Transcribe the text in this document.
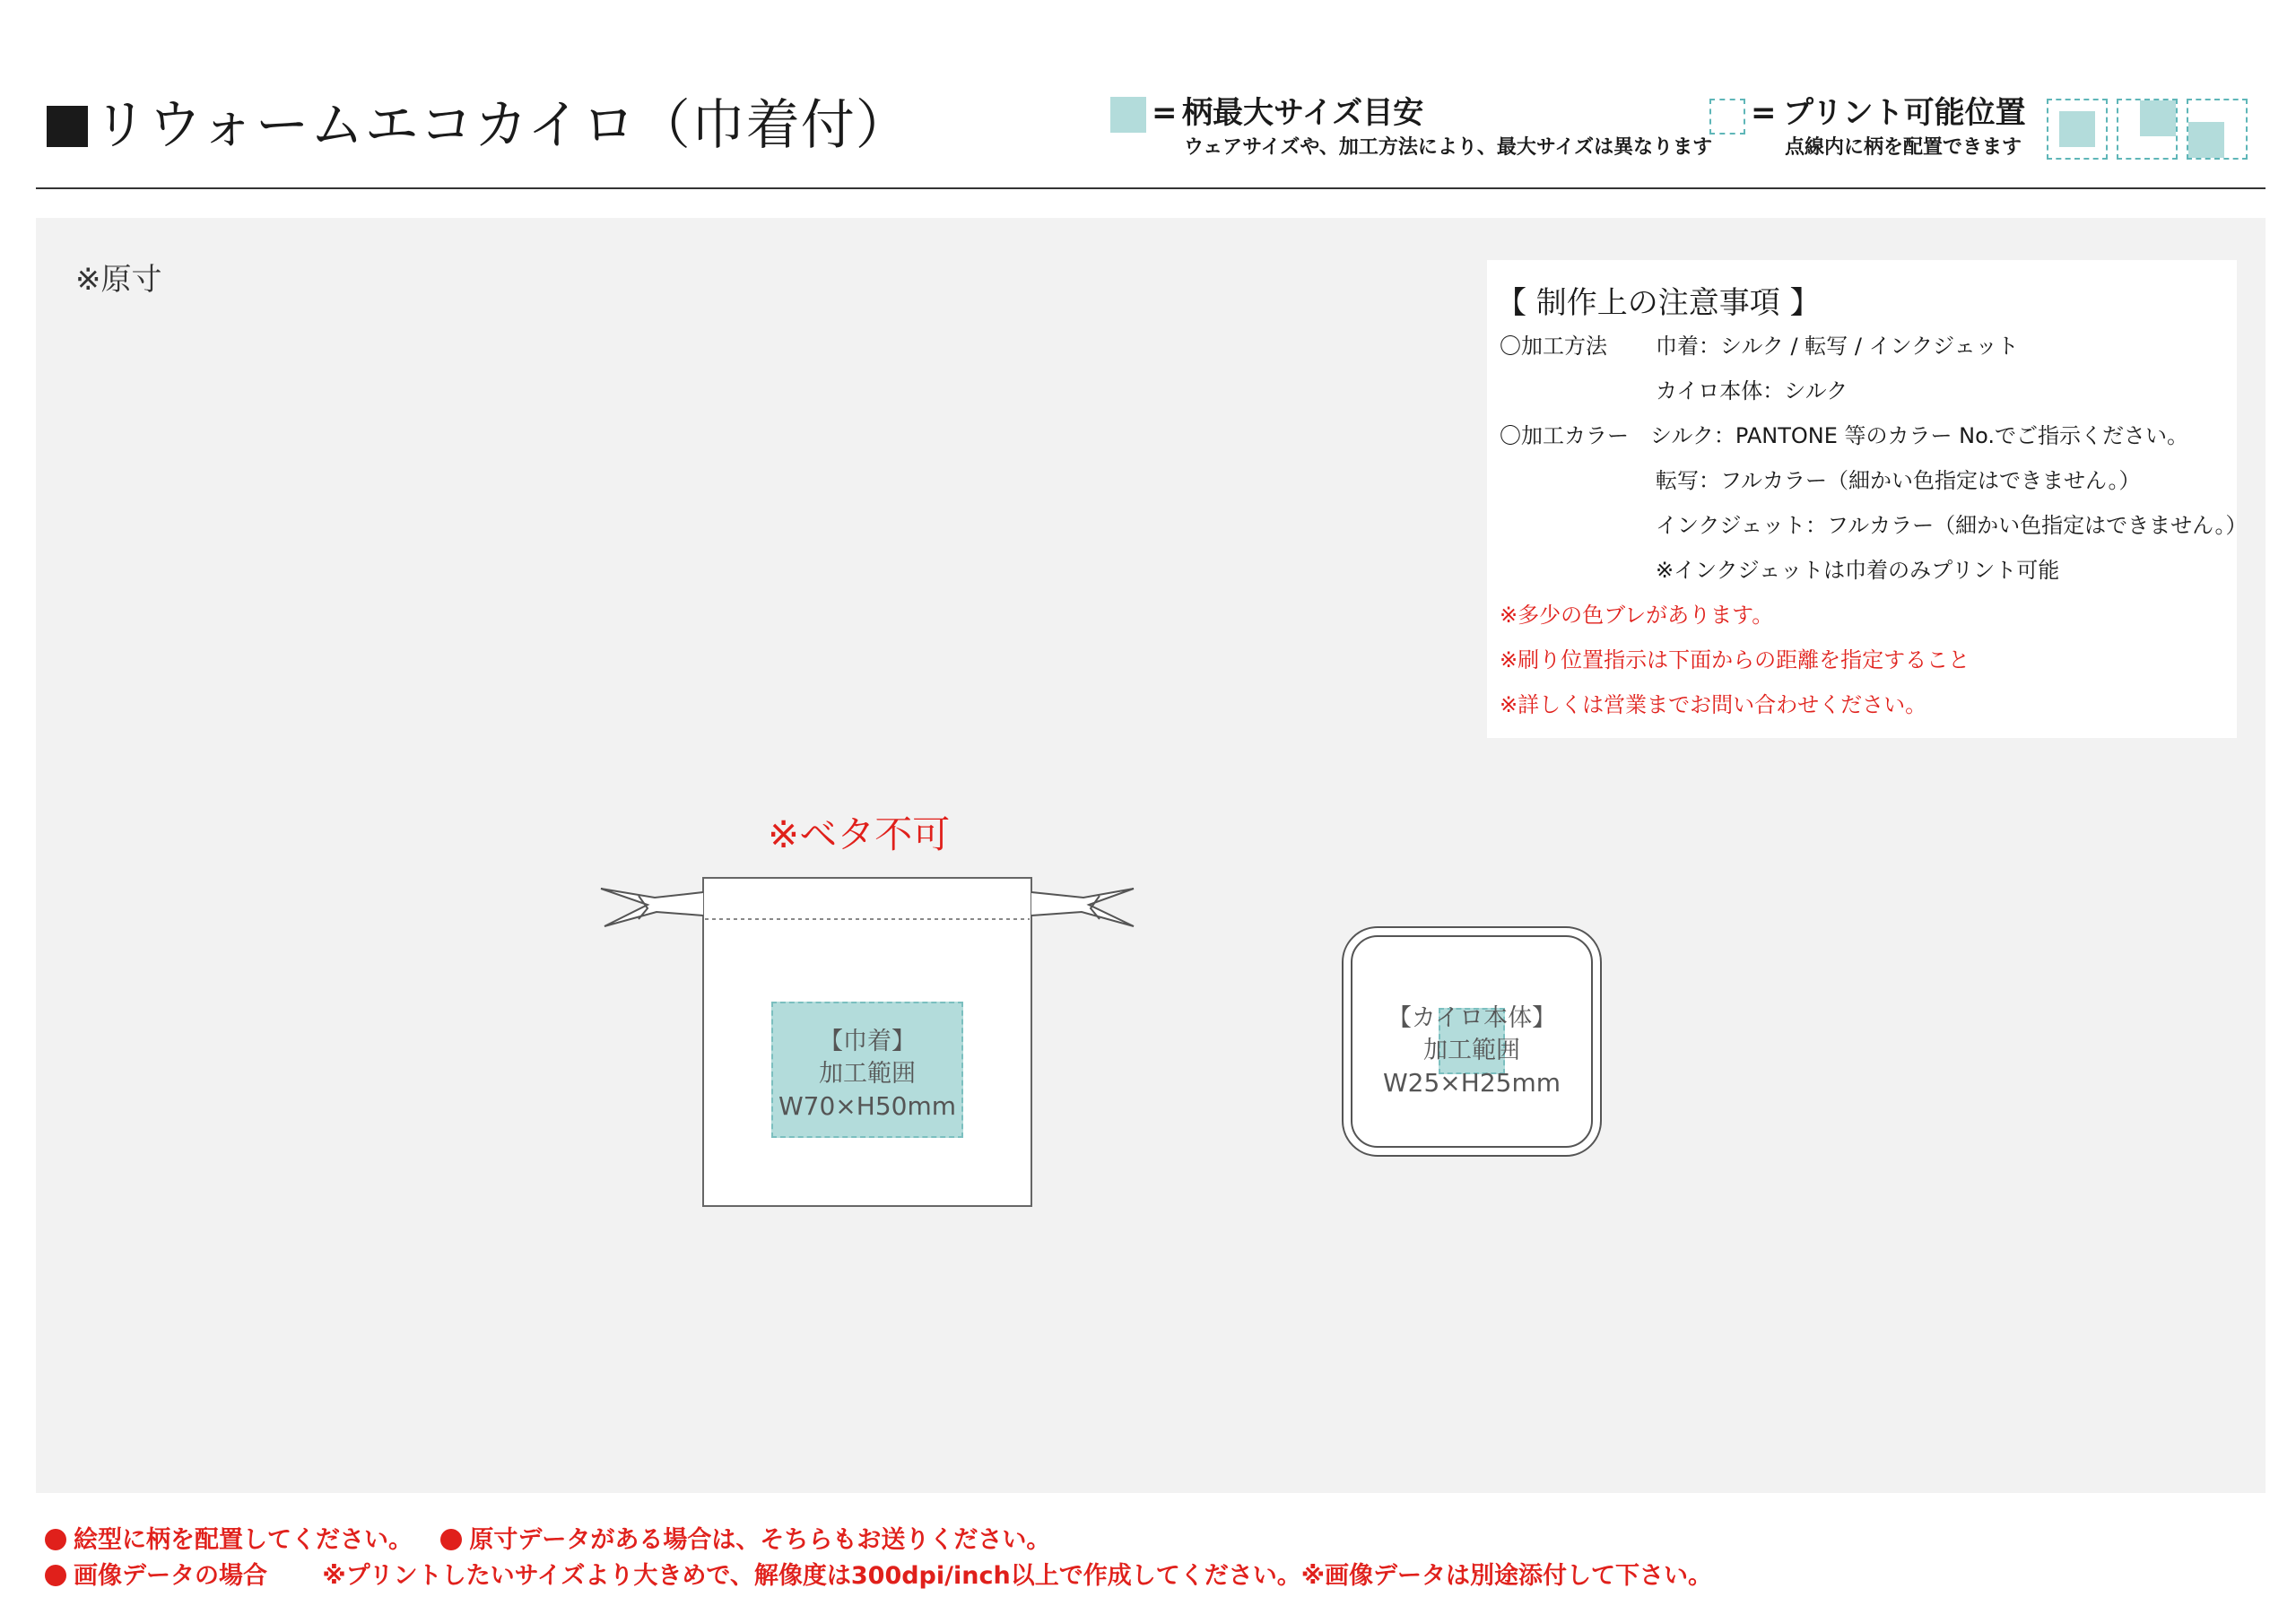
リウォームエコカイロ（巾着付）	= 柄最大サイズ目安
ウェアサイズや、加工方法により、最大サイズは異なります
= プリント可能位置
点線内に柄を配置できます
※原寸
【 制作上の注意事項 】
〇加工方法 巾着：シルク / 転写 / インクジェット
カイロ本体：シルク
〇加工カラー シルク：PANTONE 等のカラー No.でご指示ください。
転写：フルカラー（細かい色指定はできません。）
インクジェット：フルカラー（細かい色指定はできません。）
※インクジェットは巾着のみプリント可能
※多少の色ブレがあります。
※刷り位置指示は下面からの距離を指定すること
※詳しくは営業までお問い合わせください。
※ベタ不可
【巾着】
加工範囲
W70×H50mm
【カイロ本体】
加工範囲
W25×H25mm
絵型に柄を配置してください。 原寸データがある場合は、そちらもお送りください。
画像データの場合 ※プリントしたいサイズより大きめで、解像度は300dpi/inch以上で作成してください。※画像データは別途添付して下さい。
